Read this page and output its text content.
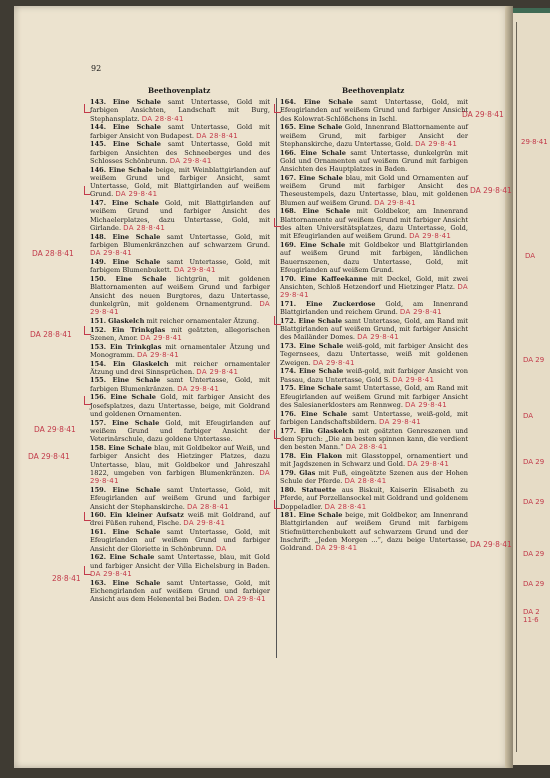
29·8·41
DA
DA 29
DA
DA 29
DA 29
DA 29
DA 29
DA 2
11·6
92
Beethovenplatz	Beethovenplatz
143. Eine Schale samt Untertasse, Gold mit farbigen Ansichten, Landschaft mit Burg, Stephansplatz. DA 28·8·41
144. Eine Schale samt Untertasse, Gold mit farbiger Ansicht von Budapest. DA 28·8·41
145. Eine Schale samt Untertasse, Gold mit farbigen Ansichten des Schneeberges und des Schlosses Schönbrunn. DA 29·8·41
146. Eine Schale beige, mit Weinblattgirlanden auf weißem Grund und farbiger Ansicht, samt Untertasse, Gold, mit Blattgirlanden auf weißem Grund. DA 29·8·41
147. Eine Schale Gold, mit Blattgirlanden auf weißem Grund und farbiger Ansicht des Michaelerplatzes, dazu Untertasse, Gold, mit Girlande. DA 28·8·41
148. Eine Schale samt Untertasse, Gold, mit farbigen Blumenkränzchen auf schwarzem Grund. DA 29·8·41
149. Eine Schale samt Untertasse, Gold, mit farbigem Blumenbukett. DA 29·8·41
150. Eine Schale lichtgrün, mit goldenen Blattornamenten auf weißem Grund und farbiger Ansicht des neuen Burgtores, dazu Untertasse, dunkelgrün, mit goldenem Ornamentgrund. DA 29·8·41
151. Glaskelch mit reicher ornamentaler Ätzung.
152. Ein Trinkglas mit geätzten, allegorischen Szenen, Amor. DA 29·8·41
153. Ein Trinkglas mit ornamentaler Ätzung und Monogramm. DA 29·8·41
154. Ein Glaskelch mit reicher ornamentaler Ätzung und drei Sinnsprüchen. DA 29·8·41
155. Eine Schale samt Untertasse, Gold, mit farbigen Blumenkränzen. DA 29·8·41
156. Eine Schale Gold, mit farbiger Ansicht des Josefsplatzes, dazu Untertasse, beige, mit Goldrand und goldenen Ornamenten.
157. Eine Schale Gold, mit Efeugirlanden auf weißem Grund und farbiger Ansicht der Veterinärschule, dazu goldene Untertasse.
158. Eine Schale blau, mit Goldbekor auf Weiß, und farbiger Ansicht des Hietzinger Platzes, dazu Untertasse, blau, mit Goldbekor und Jahreszahl 1822, umgeben von farbigen Blumenkränzen. DA 29·8·41
159. Eine Schale samt Untertasse, Gold, mit Efeugirlanden auf weißem Grund und farbiger Ansicht der Stephanskirche. DA 28·8·41
160. Ein kleiner Aufsatz weiß mit Goldrand, auf drei Füßen ruhend, Fische. DA 29·8·41
161. Eine Schale samt Untertasse, Gold, mit Efeugirlanden auf weißem Grund und farbiger Ansicht der Gloriette in Schönbrunn. DA
162. Eine Schale samt Untertasse, blau, mit Gold und farbiger Ansicht der Villa Eichelsburg in Baden. DA 29·8·41
163. Eine Schale samt Untertasse, Gold, mit Eichengirlanden auf weißem Grund und farbiger Ansicht aus dem Helenental bei Baden. DA 29·8·41
164. Eine Schale samt Untertasse, Gold, mit Efeugirlanden auf weißem Grund und farbiger Ansicht des Kolowrat-Schlößchens in Ischl.
165. Eine Schale Gold, Innenrand Blattornamente auf weißem Grund, mit farbiger Ansicht der Stephanskirche, dazu Untertasse, Gold. DA 29·8·41
166. Eine Schale samt Untertasse, dunkelgrün mit Gold und Ornamenten auf weißem Grund mit farbigen Ansichten des Hauptplatzes in Baden.
167. Eine Schale blau, mit Gold und Ornamenten auf weißem Grund mit farbiger Ansicht des Theseustempels, dazu Untertasse, blau, mit goldenen Blumen auf weißem Grund. DA 29·8·41
168. Eine Schale mit Goldbekor, am Innenrand Blattornamente auf weißem Grund mit farbiger Ansicht des alten Universitätsplatzes, dazu Untertasse, Gold, mit Efeugirlanden auf weißem Grund. DA 29·8·41
169. Eine Schale mit Goldbekor und Blattgirlanden auf weißem Grund mit farbigen, ländlichen Bauernszenen, dazu Untertasse, Gold, mit Efeugirlanden auf weißem Grund.
170. Eine Kaffeekanne mit Deckel, Gold, mit zwei Ansichten, Schloß Hetzendorf und Hietzinger Platz. DA 29·8·41
171. Eine Zuckerdose Gold, am Innenrand Blattgirlanden und reichem Grund. DA 29·8·41
172. Eine Schale samt Untertasse, Gold, am Rand mit Blattgirlanden auf weißem Grund, mit farbiger Ansicht des Mailänder Domes. DA 29·8·41
173. Eine Schale weiß-gold, mit farbiger Ansicht des Tegernsees, dazu Untertasse, weiß mit goldenen Zweigen. DA 29·8·41
174. Eine Schale weiß-gold, mit farbiger Ansicht von Passau, dazu Untertasse, Gold S. DA 29·8·41
175. Eine Schale samt Untertasse, Gold, am Rand mit Efeugirlanden auf weißem Grund mit farbiger Ansicht des Salesianerklosters am Rennweg. DA 29·8·41
176. Eine Schale samt Untertasse, weiß-gold, mit farbigen Landschaftsbildern. DA 29·8·41
177. Ein Glaskelch mit geätzten Genreszenen und dem Spruch: „Die am besten spinnen kann, die verdient den besten Mann.“ DA 28·8·41
178. Ein Flakon mit Glasstoppel, ornamentiert und mit Jagdszenen in Schwarz und Gold. DA 29·8·41
179. Glas mit Fuß, eingeätzte Szenen aus der Hohen Schule der Pferde. DA 28·8·41
180. Statuette aus Biskuit, Kaiserin Elisabeth zu Pferde, auf Porzellansockel mit Goldrand und goldenem Doppeladler. DA 28·8·41
181. Eine Schale beige, mit Goldbekor, am Innenrand Blattgirlanden auf weißem Grund mit farbigem Stiefmütterchenbukett auf schwarzem Grund und der Inschrift: „Jeden Morgen ...“, dazu beige Untertasse, Goldrand. DA 29·8·41
DA 28·8·41
DA 28·8·41
DA 29·8·41
DA 29·8·41
28·8·41
DA 29·8·41
DA 29·8·41
DA 29·8·41
